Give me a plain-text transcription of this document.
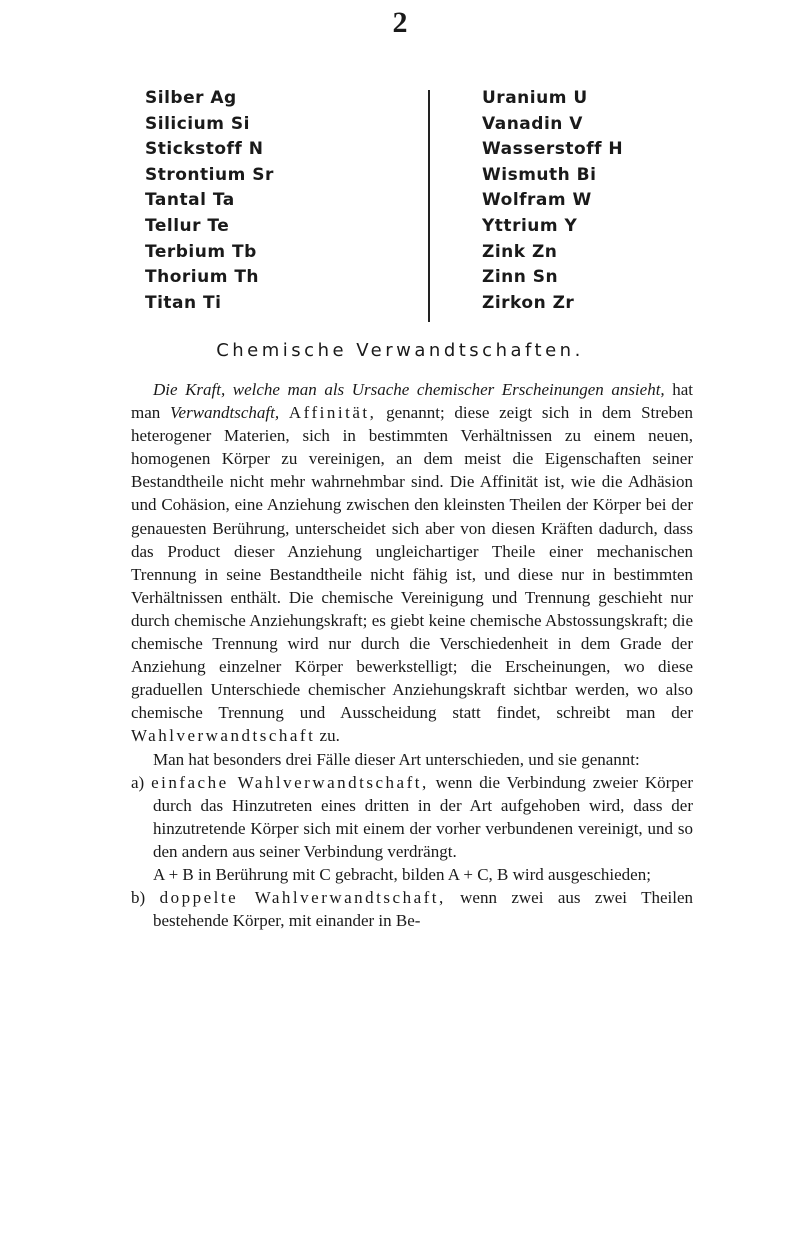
2
Silber Ag
Silicium Si
Stickstoff N
Strontium Sr
Tantal Ta
Tellur Te
Terbium Tb
Thorium Th
Titan Ti
Uranium U
Vanadin V
Wasserstoff H
Wismuth Bi
Wolfram W
Yttrium Y
Zink Zn
Zinn Sn
Zirkon Zr
Chemische Verwandtschaften.

Die Kraft, welche man als Ursache chemischer Erscheinungen ansieht, hat man Verwandtschaft, Affinität, genannt; diese zeigt sich in dem Streben heterogener Materien, sich in bestimmten Verhältnissen zu einem neuen, homogenen Körper zu vereinigen, an dem meist die Eigenschaften seiner Bestandtheile nicht mehr wahrnehmbar sind. Die Affinität ist, wie die Adhäsion und Cohäsion, eine Anziehung zwischen den kleinsten Theilen der Körper bei der genauesten Berührung, unterscheidet sich aber von diesen Kräften dadurch, dass das Product dieser Anziehung ungleichartiger Theile einer mechanischen Trennung in seine Bestandtheile nicht fähig ist, und diese nur in bestimmten Verhältnissen enthält. Die chemische Vereinigung und Trennung geschieht nur durch chemische Anziehungskraft; es giebt keine chemische Abstossungskraft; die chemische Trennung wird nur durch die Verschiedenheit in dem Grade der Anziehung einzelner Körper bewerkstelligt; die Erscheinungen, wo diese graduellen Unterschiede chemischer Anziehungskraft sichtbar werden, wo also chemische Trennung und Ausscheidung statt findet, schreibt man der Wahlverwandtschaft zu.

Man hat besonders drei Fälle dieser Art unterschieden, und sie genannt:

a) einfache Wahlverwandtschaft, wenn die Verbindung zweier Körper durch das Hinzutreten eines dritten in der Art aufgehoben wird, dass der hinzutretende Körper sich mit einem der vorher verbundenen vereinigt, und so den andern aus seiner Verbindung verdrängt.

A + B in Berührung mit C gebracht, bilden A + C, B wird ausgeschieden;

b) doppelte Wahlverwandtschaft, wenn zwei aus zwei Theilen bestehende Körper, mit einander in Be-
